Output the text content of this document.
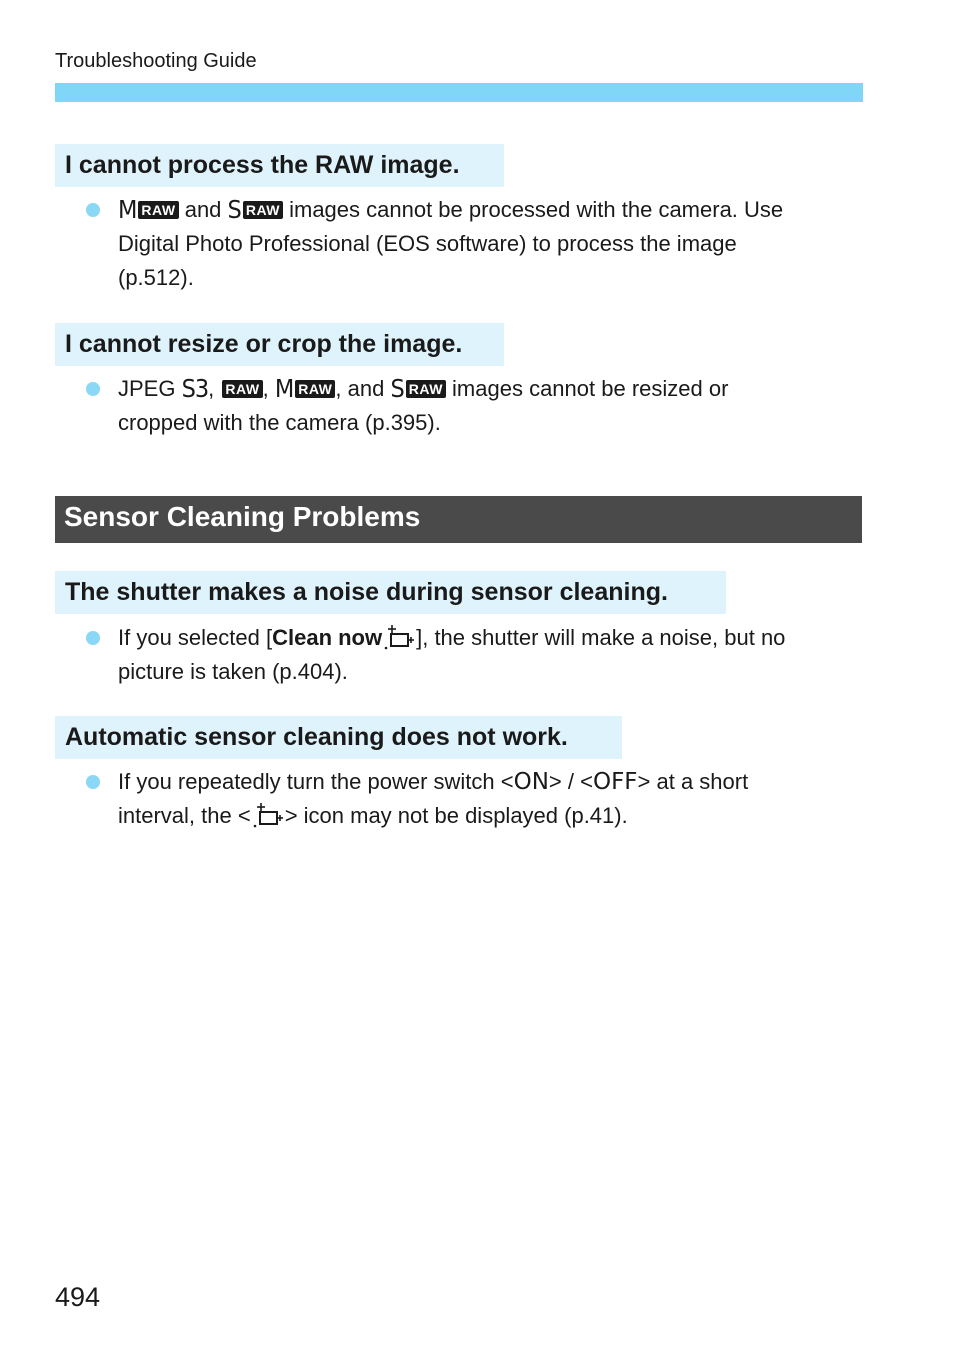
Troubleshooting Guide
I cannot process the RAW image.
M RAW and S RAW images cannot be processed with the camera. Use
Digital Photo Professional (EOS software) to process the image
(p.512).
I cannot resize or crop the image.
JPEG S3, RAW , M RAW , and S RAW images cannot be resized or
cropped with the camera (p.395).
Sensor Cleaning Problems
The shutter makes a noise during sensor cleaning.
If you selected [Clean now ], the shutter will make a noise, but no
picture is taken (p.404).
Automatic sensor cleaning does not work.
If you repeatedly turn the power switch <ON> / <OFF> at a short
interval, the < > icon may not be displayed (p.41).
494
